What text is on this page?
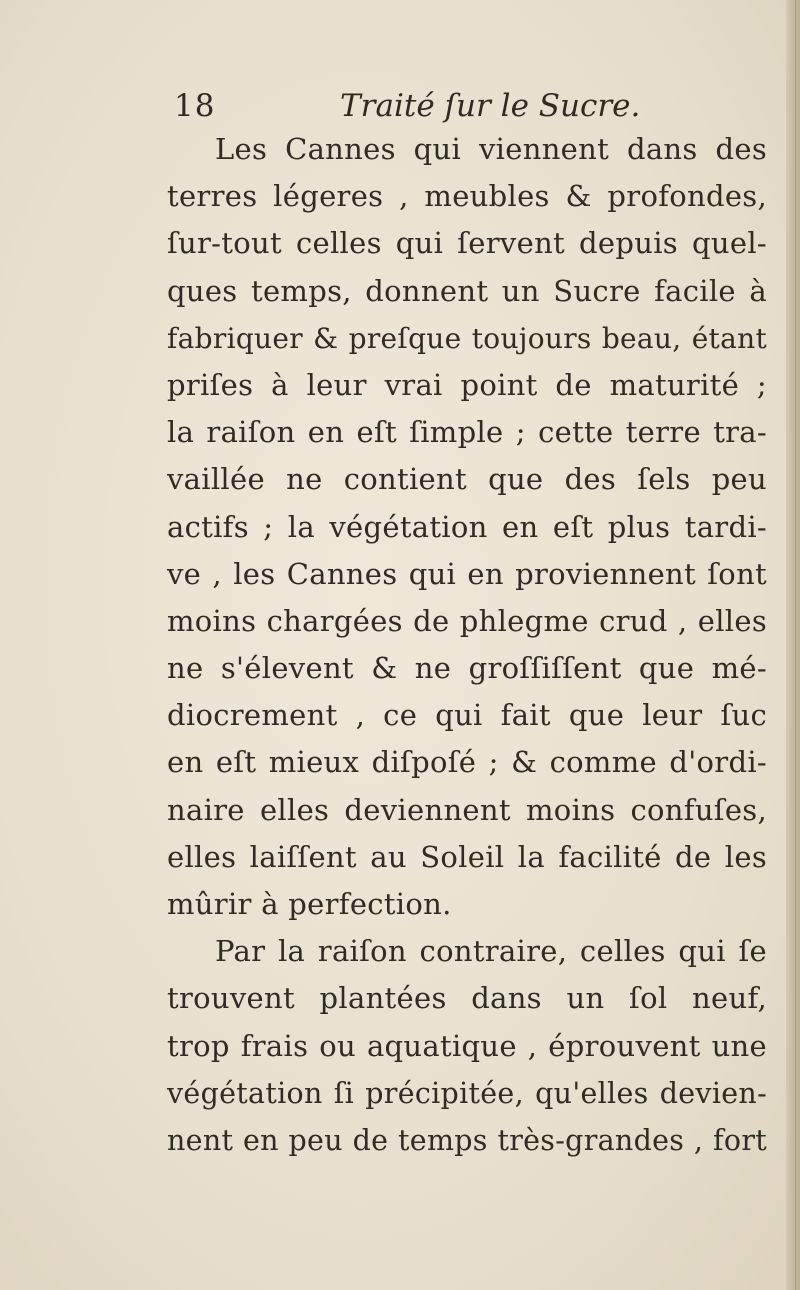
18	Traité ſur le Sucre.
Les Cannes qui viennent dans des
terres légeres , meubles & profondes,
ſur-tout celles qui ſervent depuis quel-
ques temps, donnent un Sucre facile à
fabriquer & preſque toujours beau, étant
priſes à leur vrai point de maturité ;
la raiſon en eſt ſimple ; cette terre tra-
vaillée ne contient que des ſels peu
actifs ; la végétation en eſt plus tardi-
ve , les Cannes qui en proviennent ſont
moins chargées de phlegme crud , elles
ne s'élevent & ne groſſiſſent que mé-
diocrement , ce qui fait que leur ſuc
en eſt mieux diſpoſé ; & comme d'ordi-
naire elles deviennent moins confuſes,
elles laiſſent au Soleil la facilité de les
mûrir à perfection.
Par la raiſon contraire, celles qui ſe
trouvent plantées dans un ſol neuf,
trop frais ou aquatique , éprouvent une
végétation ſi précipitée, qu'elles devien-
nent en peu de temps très-grandes , fort
